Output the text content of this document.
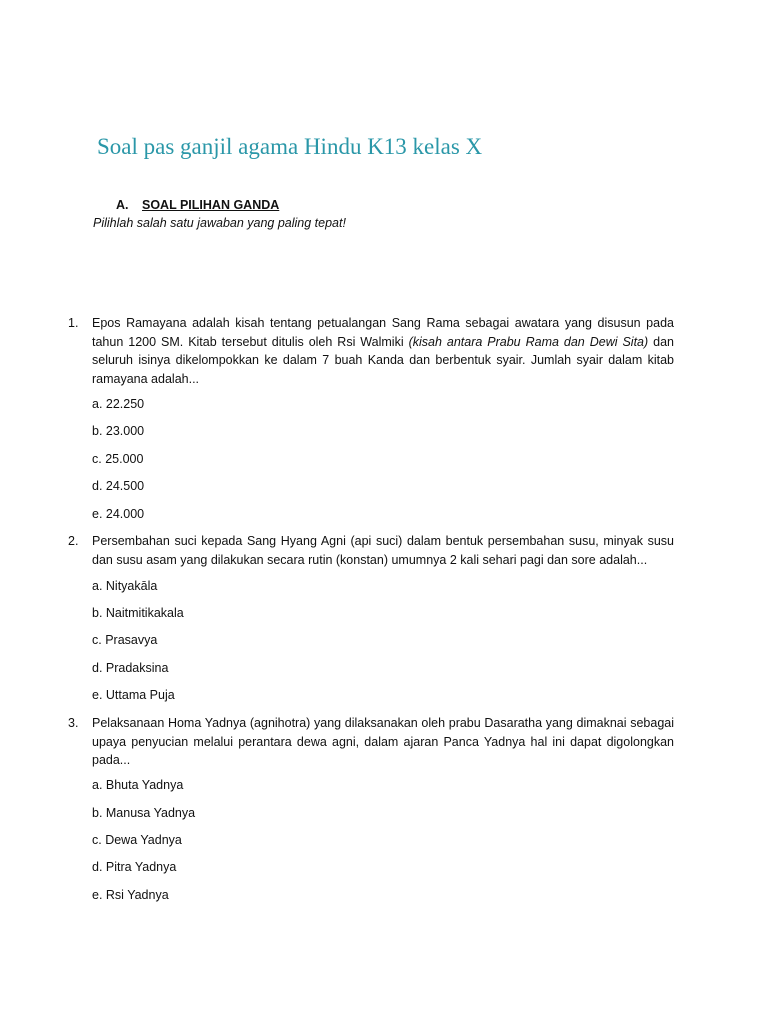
Soal pas ganjil agama Hindu K13 kelas X
A. SOAL PILIHAN GANDA
Pilihlah salah satu jawaban yang paling tepat!
1. Epos Ramayana adalah kisah tentang petualangan Sang Rama sebagai awatara yang disusun pada tahun 1200 SM. Kitab tersebut ditulis oleh Rsi Walmiki (kisah antara Prabu Rama dan Dewi Sita) dan seluruh isinya dikelompokkan ke dalam 7 buah Kanda dan berbentuk syair. Jumlah syair dalam kitab ramayana adalah...
a. 22.250
b. 23.000
c. 25.000
d. 24.500
e. 24.000
2. Persembahan suci kepada Sang Hyang Agni (api suci) dalam bentuk persembahan susu, minyak susu dan susu asam yang dilakukan secara rutin (konstan) umumnya 2 kali sehari pagi dan sore adalah...
a. Nityakāla
b. Naitmitikakala
c. Prasavya
d. Pradaksina
e. Uttama Puja
3. Pelaksanaan Homa Yadnya (agnihotra) yang dilaksanakan oleh prabu Dasaratha yang dimaknai sebagai upaya penyucian melalui perantara dewa agni, dalam ajaran Panca Yadnya hal ini dapat digolongkan pada...
a. Bhuta Yadnya
b. Manusa Yadnya
c. Dewa Yadnya
d. Pitra Yadnya
e. Rsi Yadnya
